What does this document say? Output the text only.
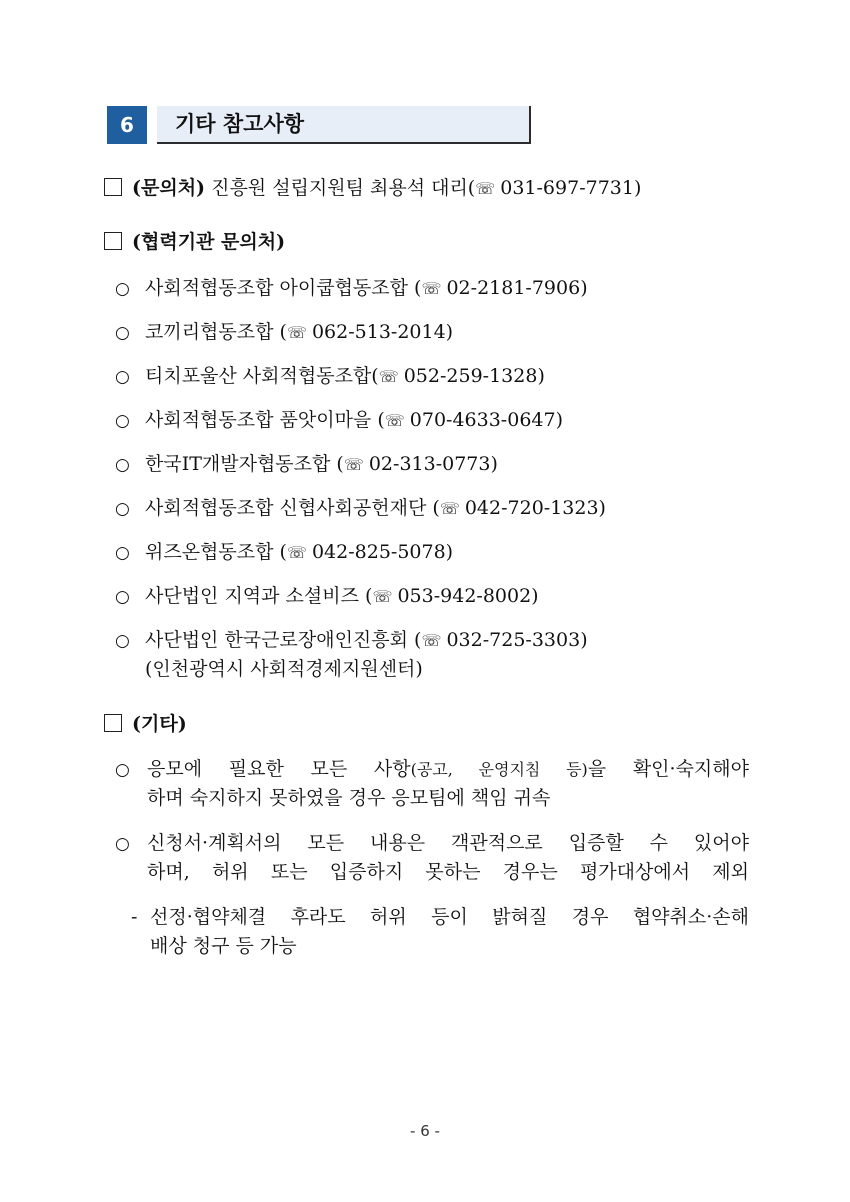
6	기타 참고사항
(문의처) 진흥원 설립지원팀 최용석 대리(☏ 031-697-7731)
(협력기관 문의처)
○ 사회적협동조합 아이쿱협동조합 (☏ 02-2181-7906)
○ 코끼리협동조합 (☏ 062-513-2014)
○ 티치포울산 사회적협동조합(☏ 052-259-1328)
○ 사회적협동조합 품앗이마을 (☏ 070-4633-0647)
○ 한국IT개발자협동조합 (☏ 02-313-0773)
○ 사회적협동조합 신협사회공헌재단 (☏ 042-720-1323)
○ 위즈온협동조합 (☏ 042-825-5078)
○ 사단법인 지역과 소셜비즈 (☏ 053-942-8002)
○ 사단법인 한국근로장애인진흥회 (☏ 032-725-3303)
(인천광역시 사회적경제지원센터)
(기타)
○ 응모에 필요한 모든 사항(공고, 운영지침 등)을 확인·숙지해야
하며 숙지하지 못하였을 경우 응모팀에 책임 귀속
○ 신청서·계획서의 모든 내용은 객관적으로 입증할 수 있어야
하며, 허위 또는 입증하지 못하는 경우는 평가대상에서 제외
- 선정·협약체결 후라도 허위 등이 밝혀질 경우 협약취소·손해
배상 청구 등 가능
- 6 -
